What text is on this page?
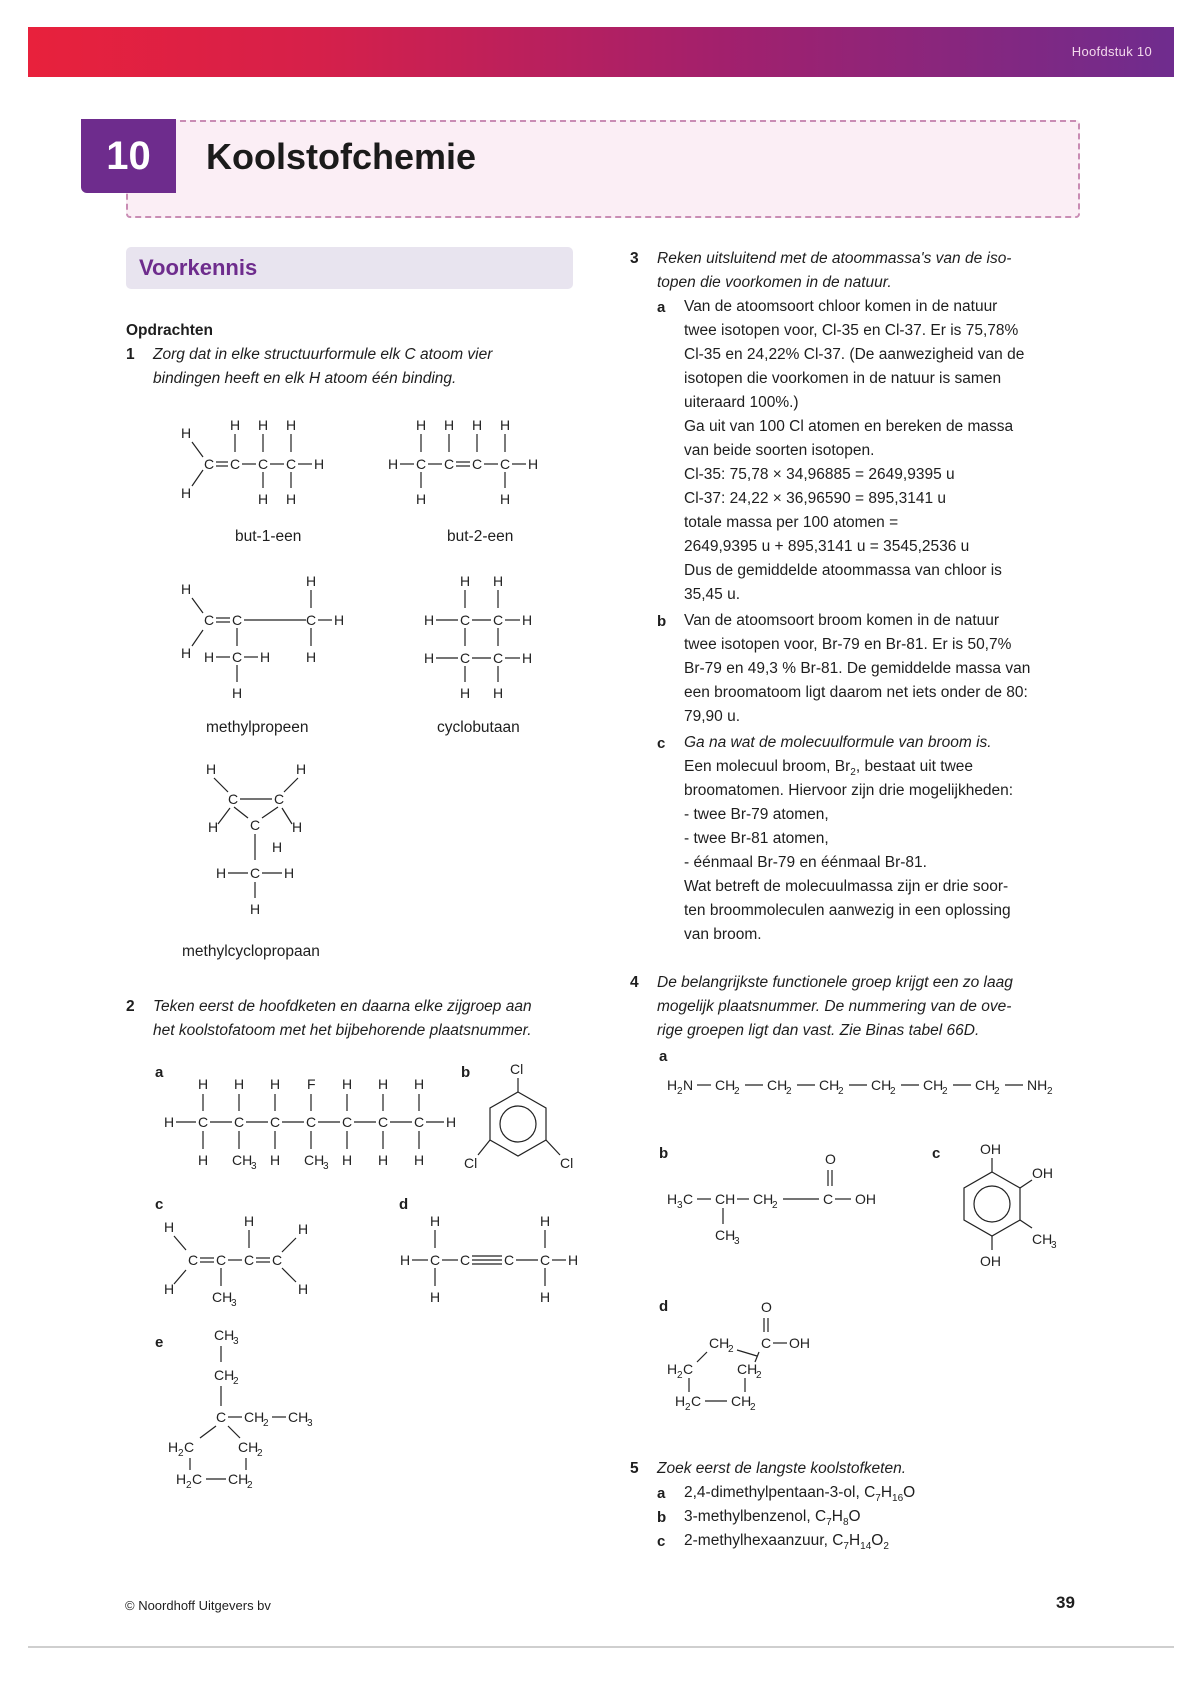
Hoofdstuk 10
10	Koolstofchemie
Voorkennis
Opdrachten
1 Zorg dat in elke structuurformule elk C atoom vier
bindingen heeft en elk H atoom één binding.
H
H
C C C C H
H H H
H H
but-1-een
H C C C C H
H H H H
H	H
but-2-een
H
H
C C	C H
H
H
H C H
H
methylpropeen
H H
H C C H
H C C H
H H
cyclobutaan
H	H
C	C
C
H	H
H
H C H
H
methylcyclopropaan
2 Teken eerst de hoofdketen en daarna elke zijgroep aan
het koolstofatoom met het bijbehorende plaatsnummer.
a
H H H F H H H
H C C C C C C C H
H CH
3 H CH
3 H H H
b	Cl
Cl	Cl
c
H
H
C C C C
H
CH
3
H
H
d
H	H
H C C C C H
H	H
e	CH
3
CH
2
C CH
2 CH
3
H 2 C	CH
2
H 2 C CH
2
3 Reken uitsluitend met de atoommassa's van de iso-
topen die voorkomen in de natuur.
a Van de atoomsoort chloor komen in de natuur
twee isotopen voor, Cl-35 en Cl-37. Er is 75,78%
Cl-35 en 24,22% Cl-37. (De aanwezigheid van de
isotopen die voorkomen in de natuur is samen
uiteraard 100%.)
Ga uit van 100 Cl atomen en bereken de massa
van beide soorten isotopen.
Cl-35: 75,78 × 34,96885 = 2649,9395 u
Cl-37: 24,22 × 36,96590 = 895,3141 u
totale massa per 100 atomen =
2649,9395 u + 895,3141 u = 3545,2536 u
Dus de gemiddelde atoommassa van chloor is
35,45 u.
b Van de atoomsoort broom komen in de natuur
twee isotopen voor, Br-79 en Br-81. Er is 50,7%
Br-79 en 49,3 % Br-81. De gemiddelde massa van
een broomatoom ligt daarom net iets onder de 80:
79,90 u.
c Ga na wat de molecuulformule van broom is.
Een molecuul broom, $Br_2$, bestaat uit twee
broomatomen. Hiervoor zijn drie mogelijkheden:
- twee Br-79 atomen,
- twee Br-81 atomen,
- éénmaal Br-79 en éénmaal Br-81.
Wat betreft de molecuulmassa zijn er drie soor-
ten broommoleculen aanwezig in een oplossing
van broom.
4 De belangrijkste functionele groep krijgt een zo laag
mogelijk plaatsnummer. De nummering van de ove-
rige groepen ligt dan vast. Zie Binas tabel 66D.
a
H 2 N CH
2 CH
2 CH
2 CH
2 CH
2 CH
2 NH 2
b	O
H 3 C CH CH
2	C OH
CH
3
c	OH
OH
CH
3
OH
d	O
CH
2 C OH
H 2 C	CH
2
H 2 C CH
2
5 Zoek eerst de langste koolstofketen.
a 2,4-dimethylpentaan-3-ol, $C_7H_{16}O$
b 3-methylbenzenol, $C_7H_8O$
c 2-methylhexaanzuur, $C_7H_{14}O_2$
© Noordhoff Uitgevers bv	39
